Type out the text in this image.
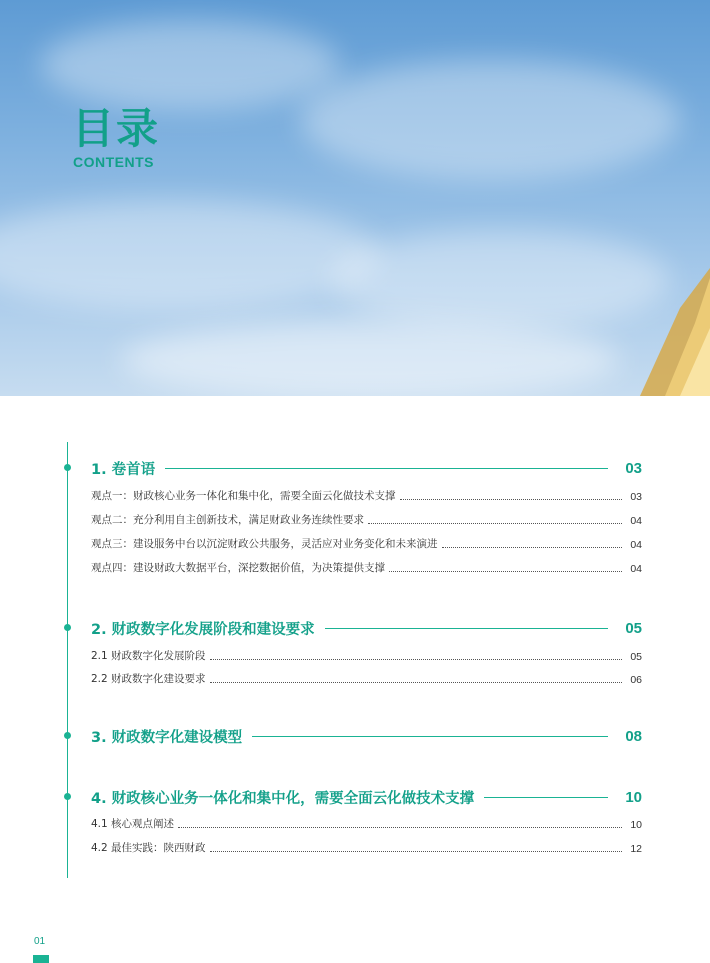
目录
CONTENTS
1. 卷首语	03
观点一：财政核心业务一体化和集中化，需要全面云化做技术支撑	03
观点二：充分利用自主创新技术，满足财政业务连续性要求	04
观点三：建设服务中台以沉淀财政公共服务，灵活应对业务变化和未来演进	04
观点四：建设财政大数据平台，深挖数据价值，为决策提供支撑	04
2. 财政数字化发展阶段和建设要求	05
2.1 财政数字化发展阶段	05
2.2 财政数字化建设要求	06
3. 财政数字化建设模型	08
4. 财政核心业务一体化和集中化，需要全面云化做技术支撑	10
4.1 核心观点阐述	10
4.2 最佳实践：陕西财政	12
01
